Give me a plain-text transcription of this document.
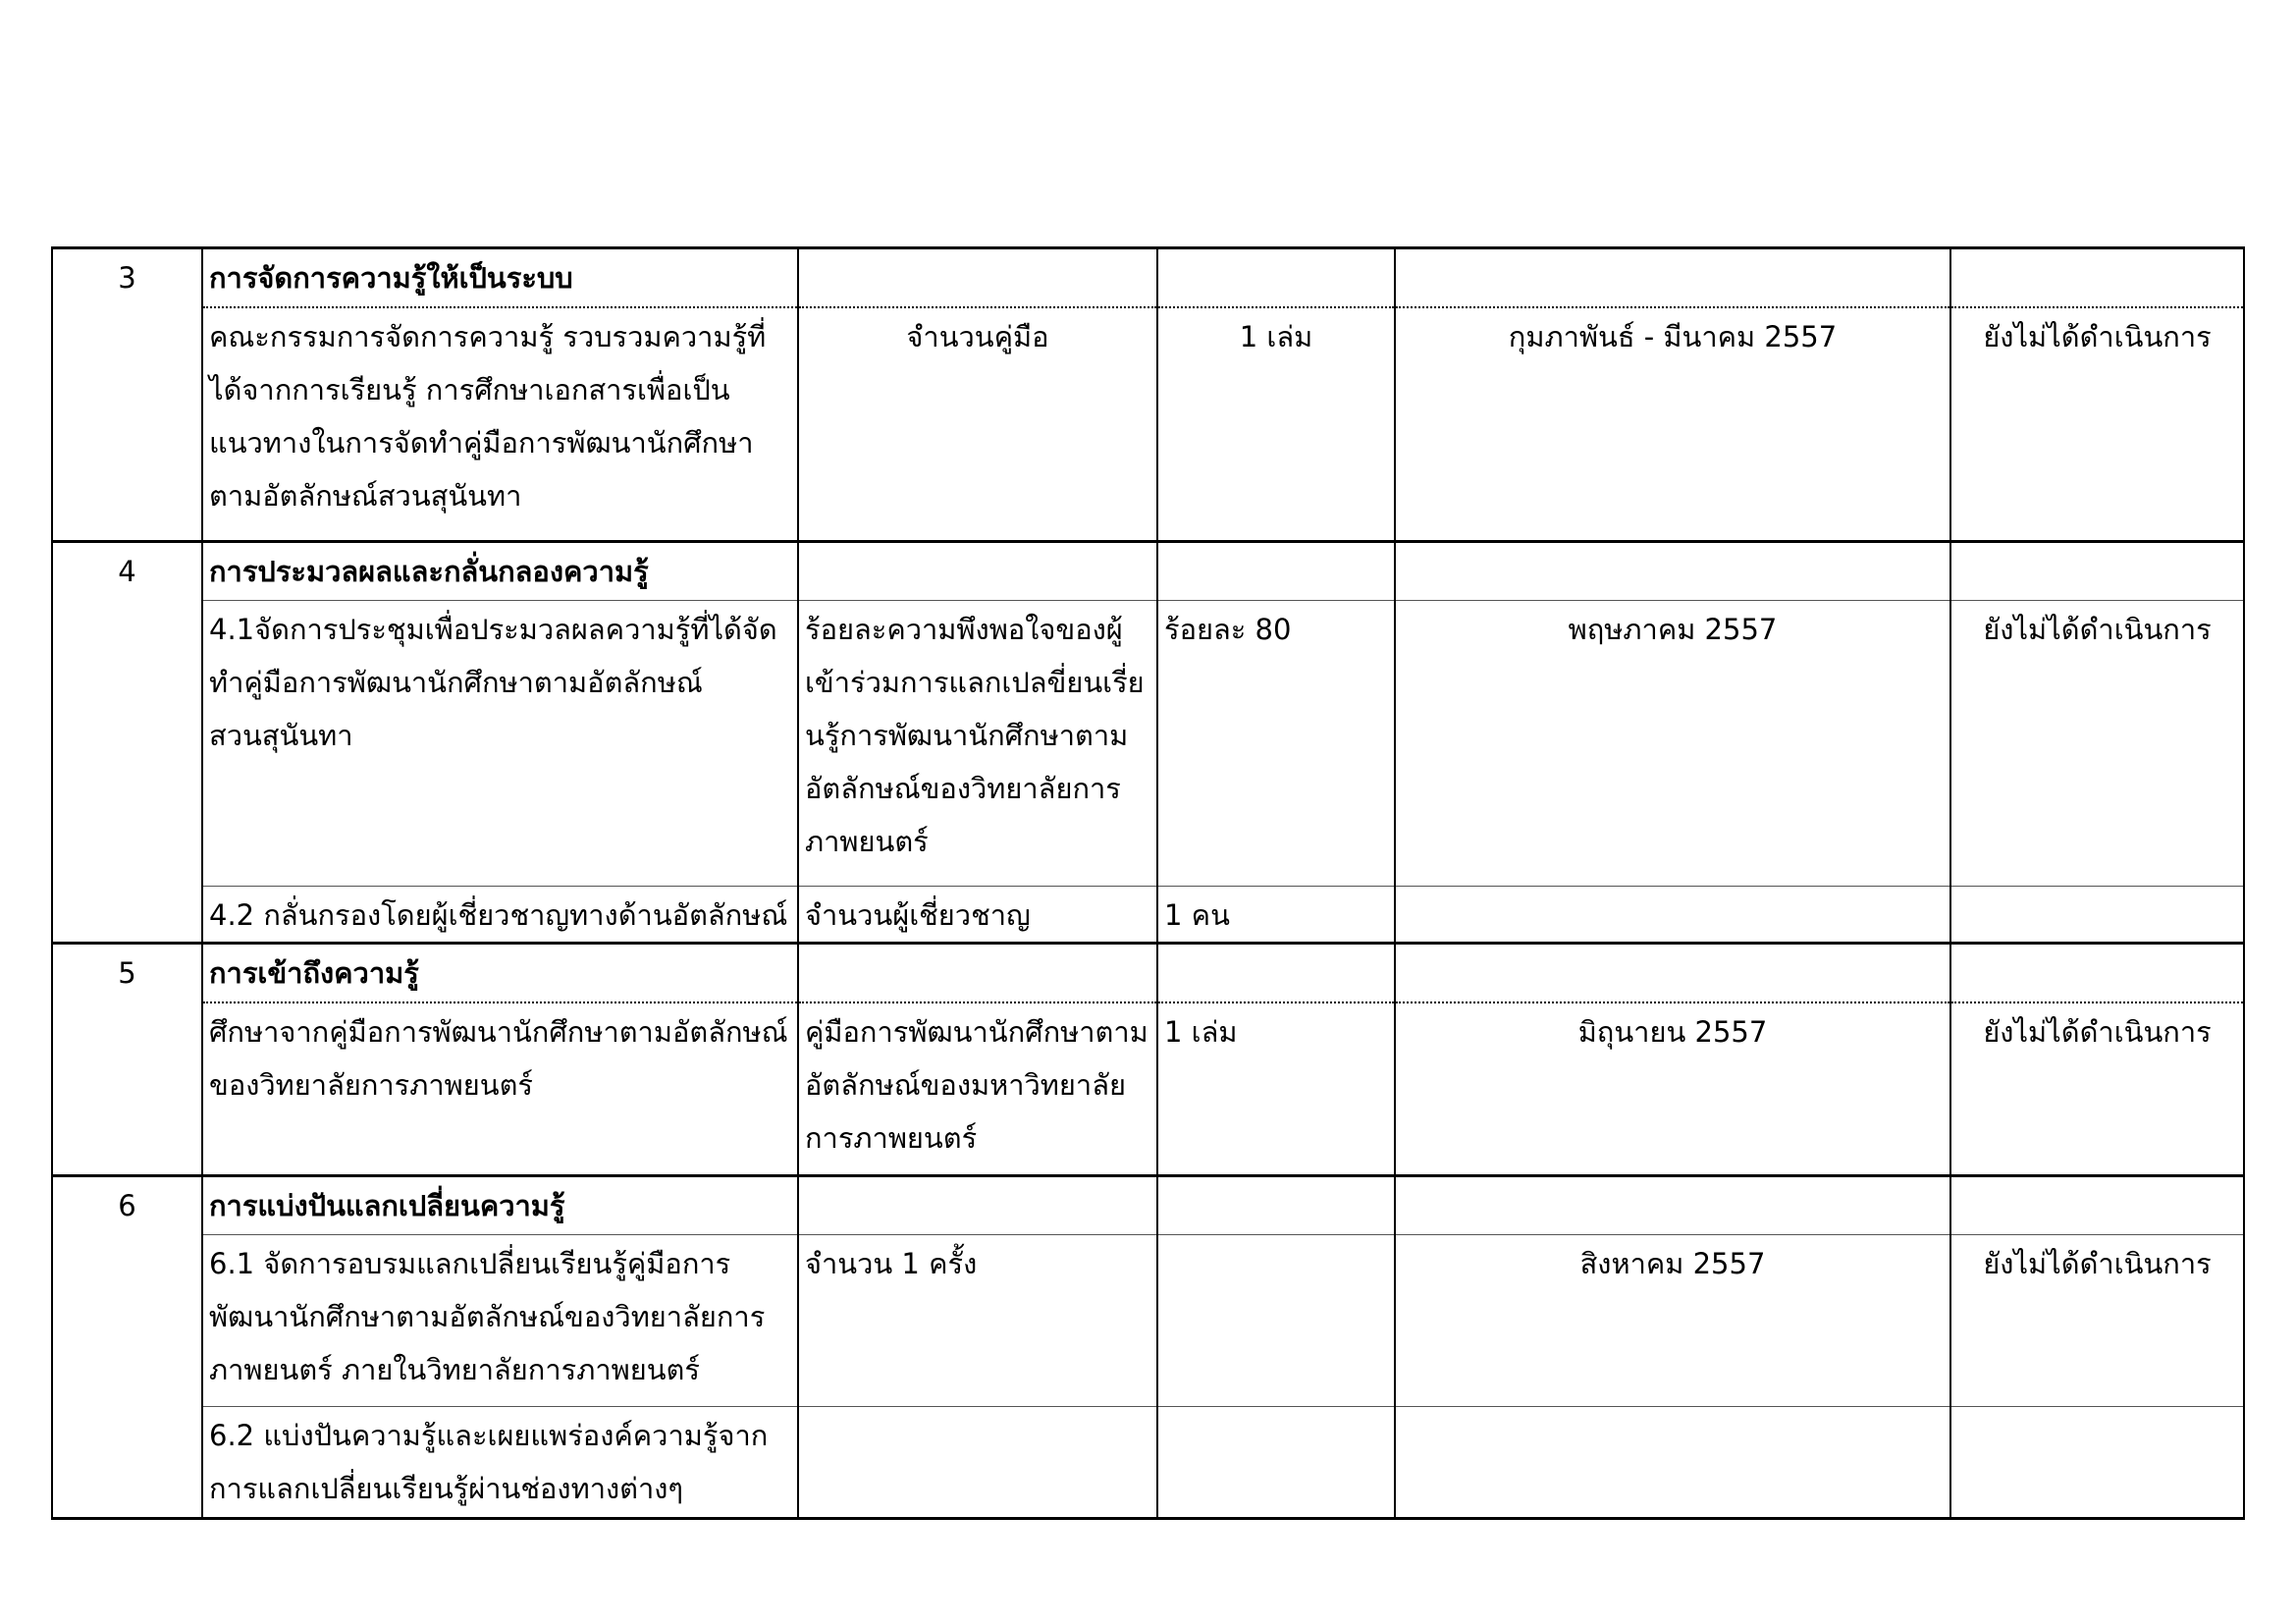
3	การจัดการความรู้ให้เป็นระบบ				
	คณะกรรมการจัดการความรู้ รวบรวมความรู้ที่ได้จากการเรียนรู้ การศึกษาเอกสารเพื่อเป็นแนวทางในการจัดทำคู่มือการพัฒนานักศึกษาตามอัตลักษณ์สวนสุนันทา	จำนวนคู่มือ	1 เล่ม	กุมภาพันธ์ - มีนาคม 2557	ยังไม่ได้ดำเนินการ
4	การประมวลผลและกลั่นกลองความรู้				
	4.1จัดการประชุมเพื่อประมวลผลความรู้ที่ได้จัดทำคู่มือการพัฒนานักศึกษาตามอัตลักษณ์สวนสุนันทา	ร้อยละความพึงพอใจของผู้เข้าร่วมการแลกเปลขี่ยนเรี่ยนรู้การพัฒนานักศึกษาตามอัตลักษณ์ของวิทยาลัยการภาพยนตร์	ร้อยละ 80	พฤษภาคม 2557	ยังไม่ได้ดำเนินการ
	4.2 กลั่นกรองโดยผู้เชี่ยวชาญทางด้านอัตลักษณ์	จำนวนผู้เชี่ยวชาญ	1 คน		
5	การเข้าถึงความรู้				
	ศึกษาจากคู่มือการพัฒนานักศึกษาตามอัตลักษณ์ของวิทยาลัยการภาพยนตร์	คู่มือการพัฒนานักศึกษาตามอัตลักษณ์ของมหาวิทยาลัยการภาพยนตร์	1 เล่ม	มิถุนายน 2557	ยังไม่ได้ดำเนินการ
6	การแบ่งปันแลกเปลี่ยนความรู้				
	6.1 จัดการอบรมแลกเปลี่ยนเรียนรู้คู่มือการพัฒนานักศึกษาตามอัตลักษณ์ของวิทยาลัยการภาพยนตร์ ภายในวิทยาลัยการภาพยนตร์	จำนวน 1 ครั้ง		สิงหาคม 2557	ยังไม่ได้ดำเนินการ
	6.2 แบ่งปันความรู้และเผยแพร่องค์ความรู้จากการแลกเปลี่ยนเรียนรู้ผ่านช่องทางต่างๆ				
